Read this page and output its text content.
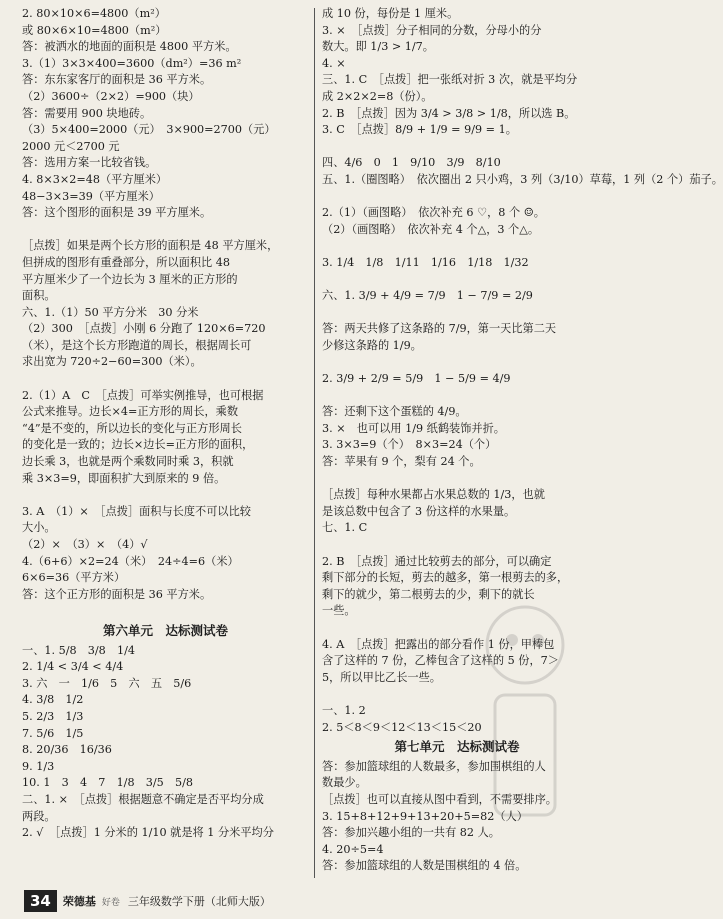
2. 80×10×6=4800（m²）
或 80×6×10=4800（m²）
答：被洒水的地面的面积是 4800 平方米。
3.（1）3×3×400=3600（dm²）=36 m²
答：东东家客厅的面积是 36 平方米。
（2）3600÷（2×2）=900（块）
答：需要用 900 块地砖。
（3）5×400=2000（元）　3×900=2700（元）
2000 元＜2700 元
答：选用方案一比较省钱。
4. 8×3×2=48（平方厘米）
48−3×3=39（平方厘米）
答：这个图形的面积是 39 平方厘米。
［点拨］如果是两个长方形的面积是 48 平方厘米，
但拼成的图形有重叠部分，所以面积比 48
平方厘米少了一个边长为 3 厘米的正方形的
面积。
六、1.（1）50 平方分米　30 分米
（2）300　［点拨］小刚 6 分跑了 120×6=720
（米），是这个长方形跑道的周长，根据周长可
求出宽为 720÷2−60=300（米）。
2.（1）A　C　［点拨］可举实例推导，也可根据
公式来推导。边长×4=正方形的周长，乘数
“4”是不变的，所以边长的变化与正方形周长
的变化是一致的；边长×边长=正方形的面积，
边长乘 3，也就是两个乘数同时乘 3，积就
乘 3×3=9，即面积扩大到原来的 9 倍。
3. A　（1）×　［点拨］面积与长度不可以比较
大小。
（2）×　（3）×　（4）√
4.（6+6）×2=24（米）　24÷4=6（米）
6×6=36（平方米）
答：这个正方形的面积是 36 平方米。
第六单元　达标测试卷
一、1. 5/8　3/8　1/4
2. 1/4 < 3/4 < 4/4
3. 六　一　1/6　5　六　五　5/6
4. 3/8　1/2
5. 2/3　1/3
7. 5/6　1/5
8. 20/36　16/36
9. 1/3
10. 1　3　4　7　1/8　3/5　5/8
二、1. ×　［点拨］根据题意不确定是否平均分成
两段。
2. √　［点拨］1 分米的 1/10 就是将 1 分米平均分
成 10 份，每份是 1 厘米。
3. ×　［点拨］分子相同的分数，分母小的分
数大。即 1/3 > 1/7。
4. ×
三、1. C　［点拨］把一张纸对折 3 次，就是平均分
成 2×2×2=8（份）。
2. B　［点拨］因为 3/4 > 3/8 > 1/8，所以选 B。
3. C　［点拨］8/9 + 1/9 = 9/9 = 1。
四、4/6　0　1　9/10　3/9　8/10
五、1.（圈图略）　依次圈出 2 只小鸡，3 列（3/10）草莓，1 列（2 个）茄子。
2.（1）（画图略）　依次补充 6 ♡，8 个 ☺。
（2）（画图略）　依次补充 4 个△，3 个△。
3. 1/4　1/8　1/11　1/16　1/18　1/32
六、1. 3/9 + 4/9 = 7/9　1 − 7/9 = 2/9
答：两天共修了这条路的 7/9，第一天比第二天
少修这条路的 1/9。
2. 3/9 + 2/9 = 5/9　1 − 5/9 = 4/9
答：还剩下这个蛋糕的 4/9。
3. ×　也可以用 1/9 纸鹤装饰并折。
3. 3×3=9（个）　8×3=24（个）
答：苹果有 9 个，梨有 24 个。
［点拨］每种水果都占水果总数的 1/3，也就
是该总数中包含了 3 份这样的水果量。
七、1. C
2. B　［点拨］通过比较剪去的部分，可以确定
剩下部分的长短，剪去的越多，第一根剪去的多，
剩下的就少，第二根剪去的少，剩下的就长
一些。
4. A　［点拨］把露出的部分看作 1 份，甲棒包
含了这样的 7 份，乙棒包含了这样的 5 份，7＞
5，所以甲比乙长一些。
一、1. 2
2. 5＜8＜9＜12＜13＜15＜20
第七单元　达标测试卷
答：参加篮球组的人数最多，参加围棋组的人
数最少。
［点拨］也可以直接从图中看到，不需要排序。
3. 15+8+12+9+13+20+5=82（人）
答：参加兴趣小组的一共有 82 人。
4. 20÷5=4
答：参加篮球组的人数是围棋组的 4 倍。
34	荣德基 好卷 三年级数学下册（北师大版）
